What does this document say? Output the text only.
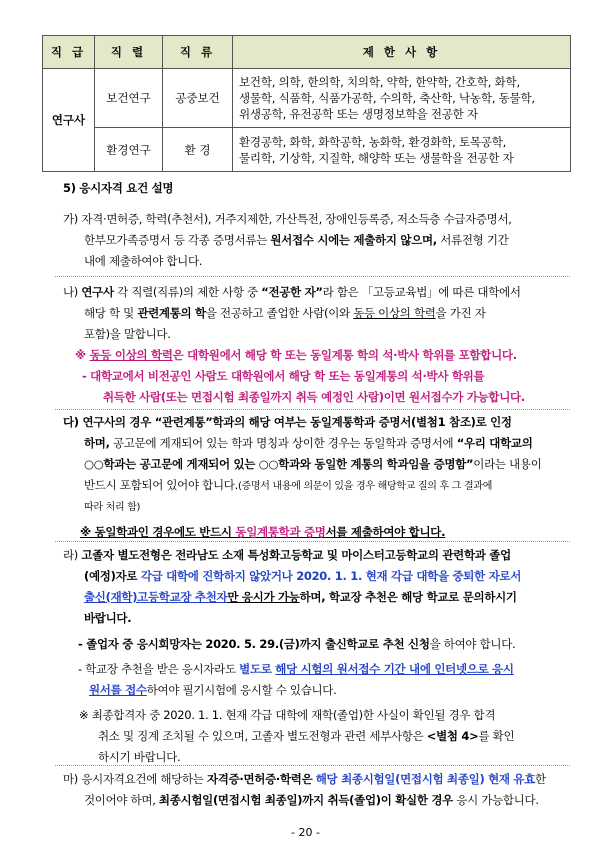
직 급	직 렬	직 류	제 한 사 항
연구사	보건연구	공중보건	보건학, 의학, 한의학, 치의학, 약학, 한약학, 간호학, 화학,
생물학, 식품학, 식품가공학, 수의학, 축산학, 낙농학, 동물학,
위생공학, 유전공학 또는 생명정보학을 전공한 자

	환경연구	환 경	환경공학, 화학, 화학공학, 농화학, 환경화학, 토목공학,
물리학, 기상학, 지질학, 해양학 또는 생물학을 전공한 자
5) 응시자격 요건 설명
가) 자격·면허증, 학력(추천서), 거주지제한, 가산특전, 장애인등록증, 저소득층 수급자증명서,
한부모가족증명서 등 각종 증명서류는 원서접수 시에는 제출하지 않으며, 서류전형 기간
내에 제출하여야 합니다.
나) 연구사 각 직렬(직류)의 제한 사항 중 “전공한 자”라 함은 「고등교육법」에 따른 대학에서
해당 학 및 관련계통의 학을 전공하고 졸업한 사람(이와 동등 이상의 학력을 가진 자
포함)을 말합니다.
※ 동등 이상의 학력은 대학원에서 해당 학 또는 동일계통 학의 석·박사 학위를 포함합니다.
- 대학교에서 비전공인 사람도 대학원에서 해당 학 또는 동일계통의 석·박사 학위를
취득한 사람(또는 면접시험 최종일까지 취득 예정인 사람)이면 원서접수가 가능합니다.
다) 연구사의 경우 “관련계통”학과의 해당 여부는 동일계통학과 증명서(별첨1 참조)로 인정
하며, 공고문에 게재되어 있는 학과 명칭과 상이한 경우는 동일학과 증명서에 “우리 대학교의
○○학과는 공고문에 게재되어 있는 ○○학과와 동일한 계통의 학과임을 증명함”이라는 내용이
반드시 포함되어 있어야 합니다.(증명서 내용에 의문이 있을 경우 해당학교 질의 후 그 결과에
따라 처리 함)
※ 동일학과인 경우에도 반드시 동일계통학과 증명서를 제출하여야 합니다.
라) 고졸자 별도전형은 전라남도 소재 특성화고등학교 및 마이스터고등학교의 관련학과 졸업
(예정)자로 각급 대학에 진학하지 않았거나 2020. 1. 1. 현재 각급 대학을 중퇴한 자로서
출신(재학)고등학교장 추천자만 응시가 가능하며, 학교장 추천은 해당 학교로 문의하시기
바랍니다.
- 졸업자 중 응시희망자는 2020. 5. 29.(금)까지 출신학교로 추천 신청을 하여야 합니다.
- 학교장 추천을 받은 응시자라도 별도로 해당 시험의 원서접수 기간 내에 인터넷으로 응시
원서를 접수하여야 필기시험에 응시할 수 있습니다.
※ 최종합격자 중 2020. 1. 1. 현재 각급 대학에 재학(졸업)한 사실이 확인될 경우 합격
취소 및 징계 조치될 수 있으며, 고졸자 별도전형과 관련 세부사항은 <별첨 4>를 확인
하시기 바랍니다.
마) 응시자격요건에 해당하는 자격증·면허증·학력은 해당 최종시험일(면접시험 최종일) 현재 유효한
것이어야 하며, 최종시험일(면접시험 최종일)까지 취득(졸업)이 확실한 경우 응시 가능합니다.
- 20 -
